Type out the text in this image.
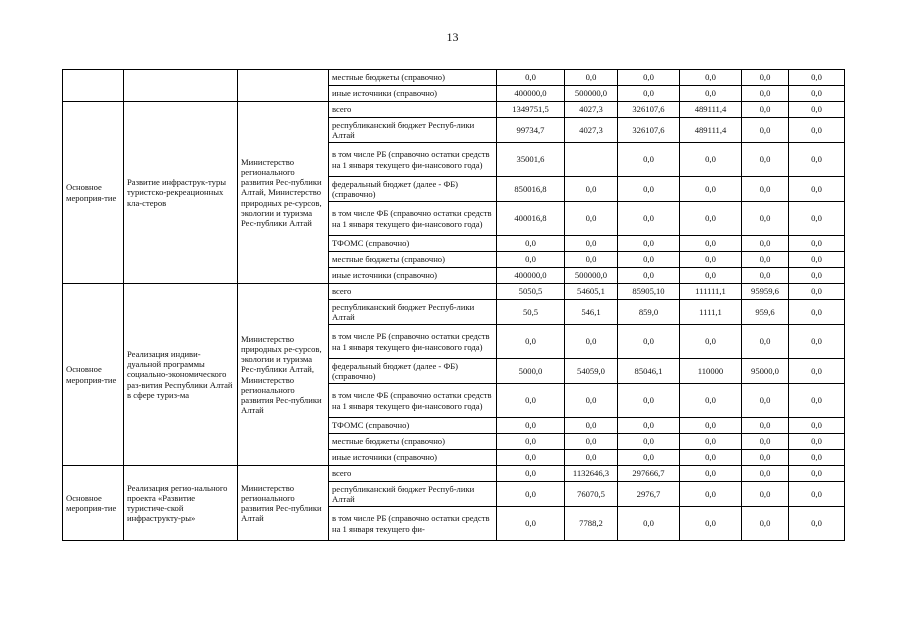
13
			местные бюджеты (справочно)	0,0	0,0	0,0	0,0	0,0	0,0
			иные источники (справочно)	400000,0	500000,0	0,0	0,0	0,0	0,0
Основное мероприя-тие	Развитие инфраструк-туры туристско-рекреационных кла-стеров	Министерство регионального развития Рес-публики Алтай, Министерство природных ре-сурсов, экологии и туризма Рес-публики Алтай	всего	1349751,5	4027,3	326107,6	489111,4	0,0	0,0
			республиканский бюджет Респуб-лики Алтай	99734,7	4027,3	326107,6	489111,4	0,0	0,0
			в том числе РБ (справочно остатки средств на 1 января текущего фи-нансового года)	35001,6		0,0	0,0	0,0	0,0
			федеральный бюджет (далее - ФБ) (справочно)	850016,8	0,0	0,0	0,0	0,0	0,0
			в том числе ФБ (справочно остатки средств на 1 января текущего фи-нансового года)	400016,8	0,0	0,0	0,0	0,0	0,0
			ТФОМС (справочно)	0,0	0,0	0,0	0,0	0,0	0,0
			местные бюджеты (справочно)	0,0	0,0	0,0	0,0	0,0	0,0
			иные источники (справочно)	400000,0	500000,0	0,0	0,0	0,0	0,0
Основное мероприя-тие	Реализация индиви-дуальной программы социально-экономического раз-вития Республики Алтай в сфере туриз-ма	Министерство природных ре-сурсов, экологии и туризма Рес-публики Алтай, Министерство регионального развития Рес-публики Алтай	всего	5050,5	54605,1	85905,10	111111,1	95959,6	0,0
			республиканский бюджет Респуб-лики Алтай	50,5	546,1	859,0	1111,1	959,6	0,0
			в том числе РБ (справочно остатки средств на 1 января текущего фи-нансового года)	0,0	0,0	0,0	0,0	0,0	0,0
			федеральный бюджет (далее - ФБ) (справочно)	5000,0	54059,0	85046,1	110000	95000,0	0,0
			в том числе ФБ (справочно остатки средств на 1 января текущего фи-нансового года)	0,0	0,0	0,0	0,0	0,0	0,0
			ТФОМС (справочно)	0,0	0,0	0,0	0,0	0,0	0,0
			местные бюджеты (справочно)	0,0	0,0	0,0	0,0	0,0	0,0
			иные источники (справочно)	0,0	0,0	0,0	0,0	0,0	0,0
Основное мероприя-тие	Реализация регио-нального проекта «Развитие туристиче-ской инфраструкту-ры»	Министерство регионального развития Рес-публики Алтай	всего	0,0	1132646,3	297666,7	0,0	0,0	0,0
			республиканский бюджет Респуб-лики Алтай	0,0	76070,5	2976,7	0,0	0,0	0,0
			в том числе РБ (справочно остатки средств на 1 января текущего фи-	0,0	7788,2	0,0	0,0	0,0	0,0
